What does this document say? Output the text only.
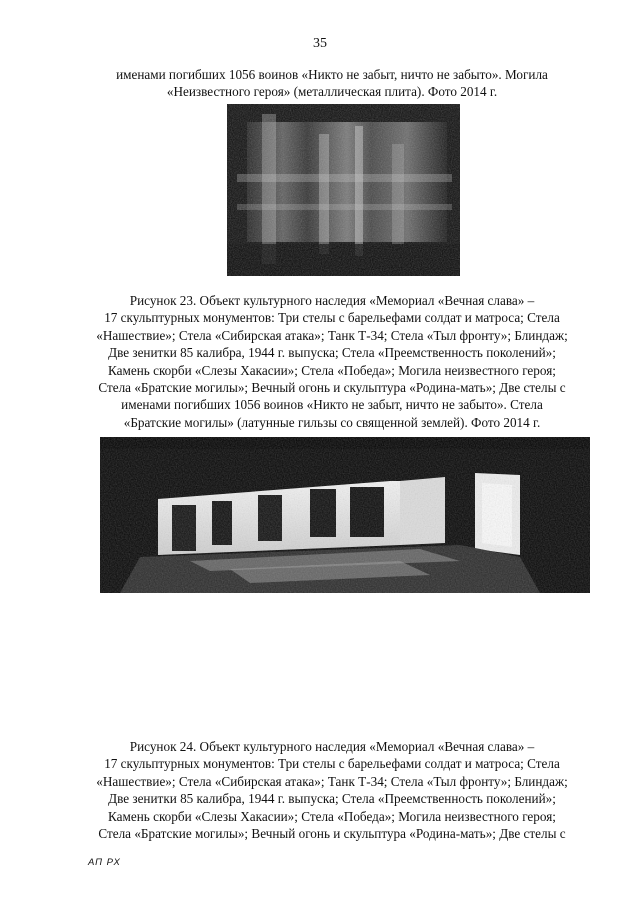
35

именами погибших 1056 воинов «Никто не забыт, ничто не забыто». Могила

«Неизвестного героя» (металлическая плита). Фото 2014 г.

Рисунок 23. Объект культурного наследия «Мемориал «Вечная слава» –

17 скульптурных монументов: Три стелы с барельефами солдат и матроса; Стела

«Нашествие»; Стела «Сибирская атака»; Танк Т-34; Стела «Тыл фронту»; Блиндаж;

Две зенитки 85 калибра, 1944 г. выпуска; Стела «Преемственность поколений»;

Камень скорби «Слезы Хакасии»; Стела «Победа»; Могила неизвестного героя;

Стела «Братские могилы»; Вечный огонь и скульптура «Родина-мать»; Две стелы с

именами погибших 1056 воинов «Никто не забыт, ничто не забыто». Стела

«Братские могилы» (латунные гильзы со священной землей). Фото 2014 г.

Рисунок 24. Объект культурного наследия «Мемориал «Вечная слава» –

17 скульптурных монументов: Три стелы с барельефами солдат и матроса; Стела

«Нашествие»; Стела «Сибирская атака»; Танк Т-34; Стела «Тыл фронту»; Блиндаж;

Две зенитки 85 калибра, 1944 г. выпуска; Стела «Преемственность поколений»;

Камень скорби «Слезы Хакасии»; Стела «Победа»; Могила неизвестного героя;

Стела «Братские могилы»; Вечный огонь и скульптура «Родина-мать»; Две стелы с

АП РХ
